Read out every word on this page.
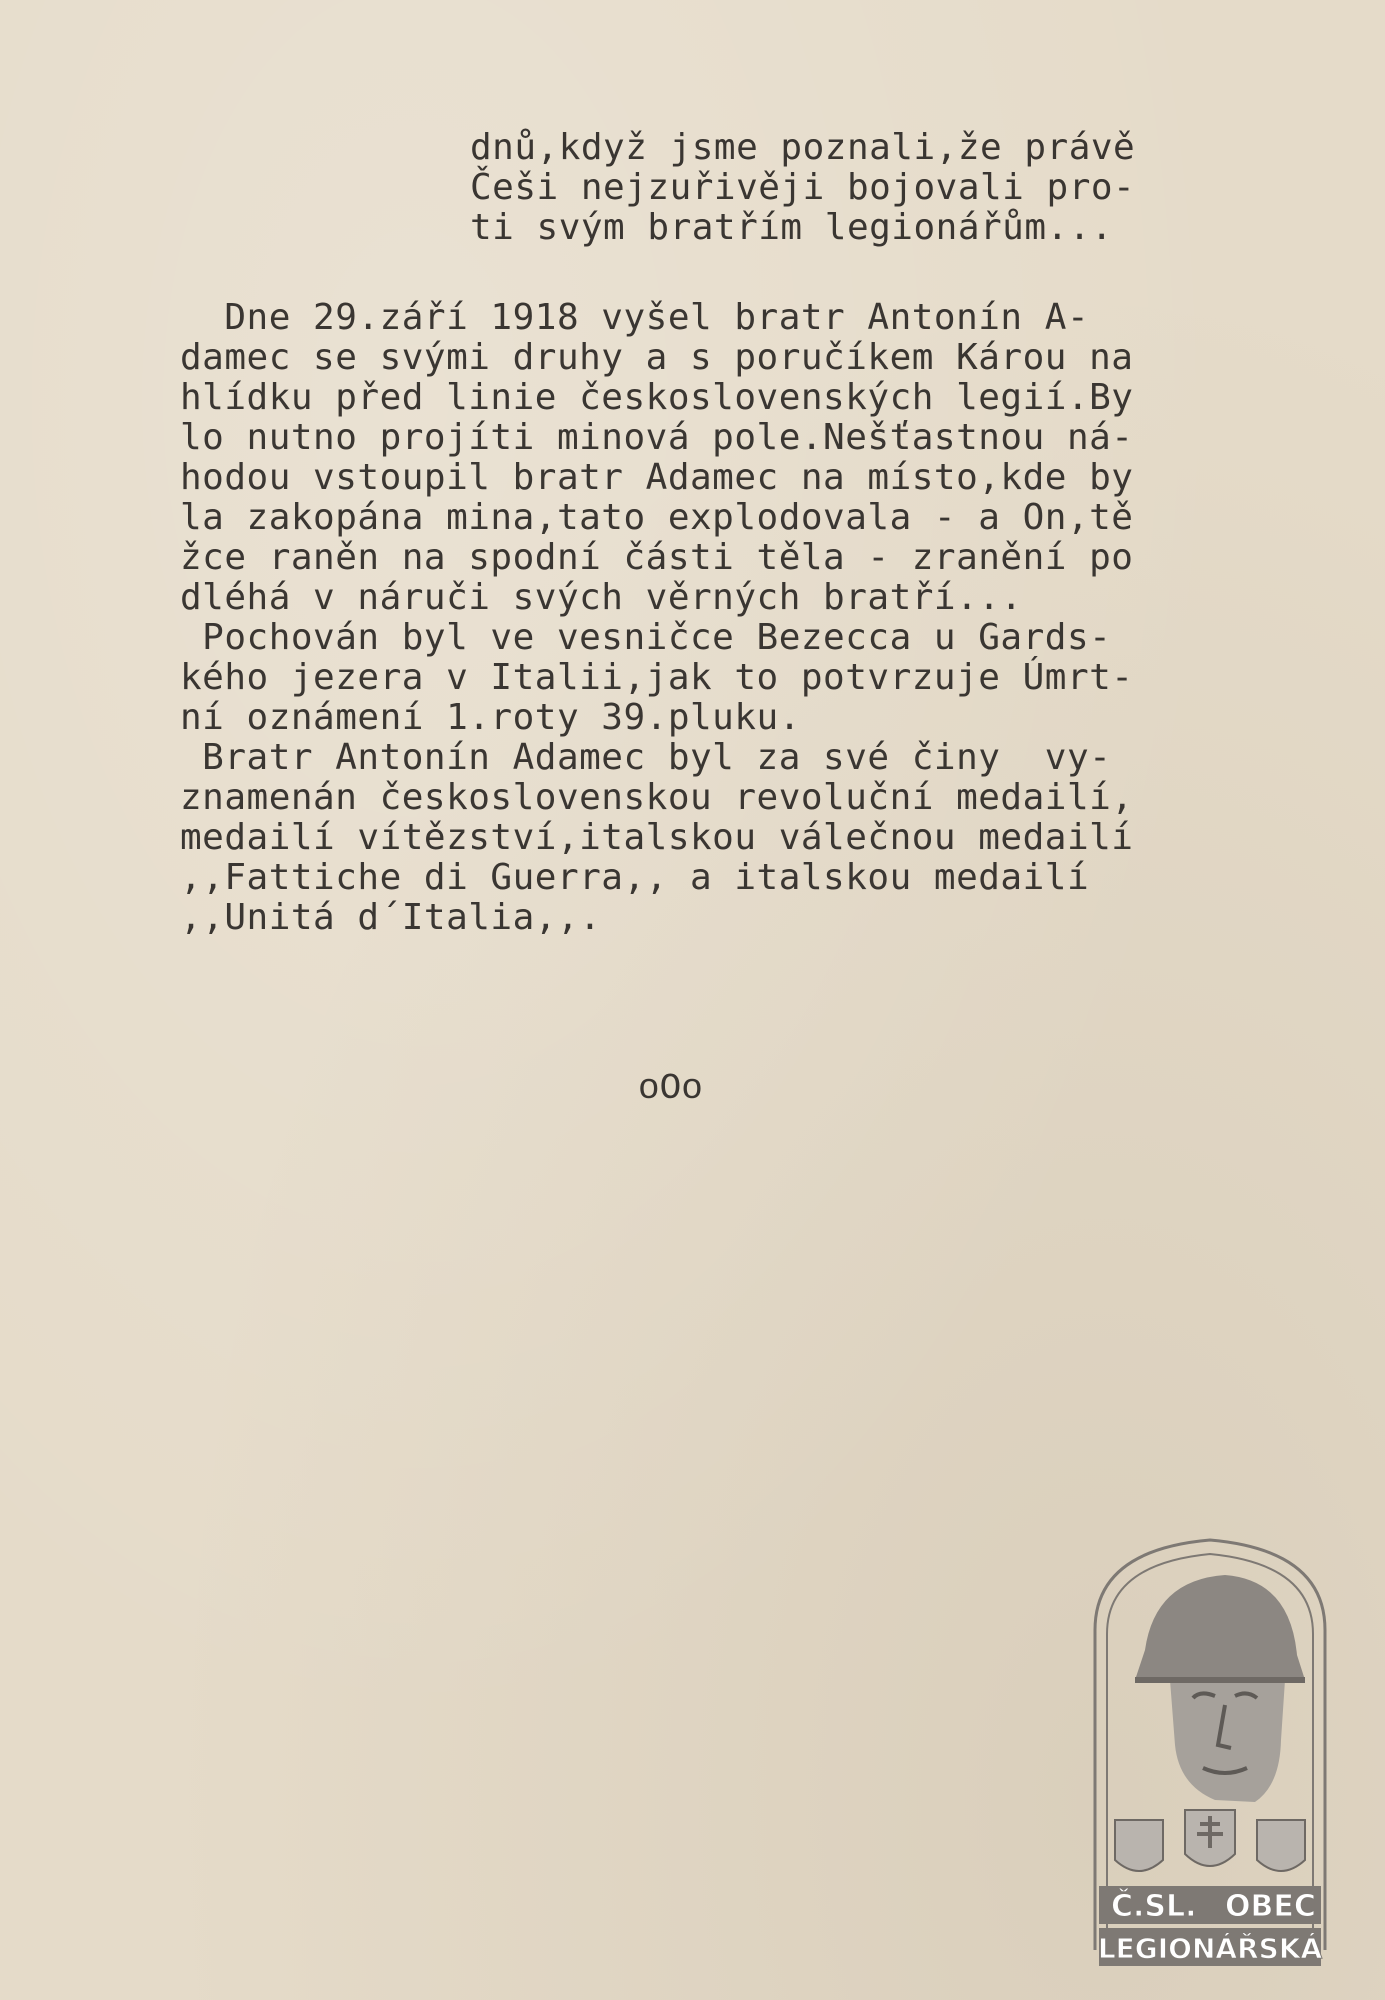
dnů,když jsme poznali,že právě
Češi nejzuřivěji bojovali pro-
ti svým bratřím legionářům...
Dne 29.září 1918 vyšel bratr Antonín A-
damec se svými druhy a s poručíkem Károu na
hlídku před linie československých legií.By
lo nutno projíti minová pole.Nešťastnou ná-
hodou vstoupil bratr Adamec na místo,kde by
la zakopána mina,tato explodovala - a On,tě
žce raněn na spodní části těla - zranění po
dléhá v náruči svých věrných bratří...
Pochován byl ve vesničce Bezecca u Gards-
kého jezera v Italii,jak to potvrzuje Úmrt-
ní oznámení 1.roty 39.pluku.
Bratr Antonín Adamec byl za své činy  vy-
znamenán československou revoluční medailí,
medailí vítězství,italskou válečnou medailí
,,Fattiche di Guerra,, a italskou medailí
,,Unitá d´Italia,,.
oOo
Č.SL. OBEC
LEGIONÁŘSKÁ
